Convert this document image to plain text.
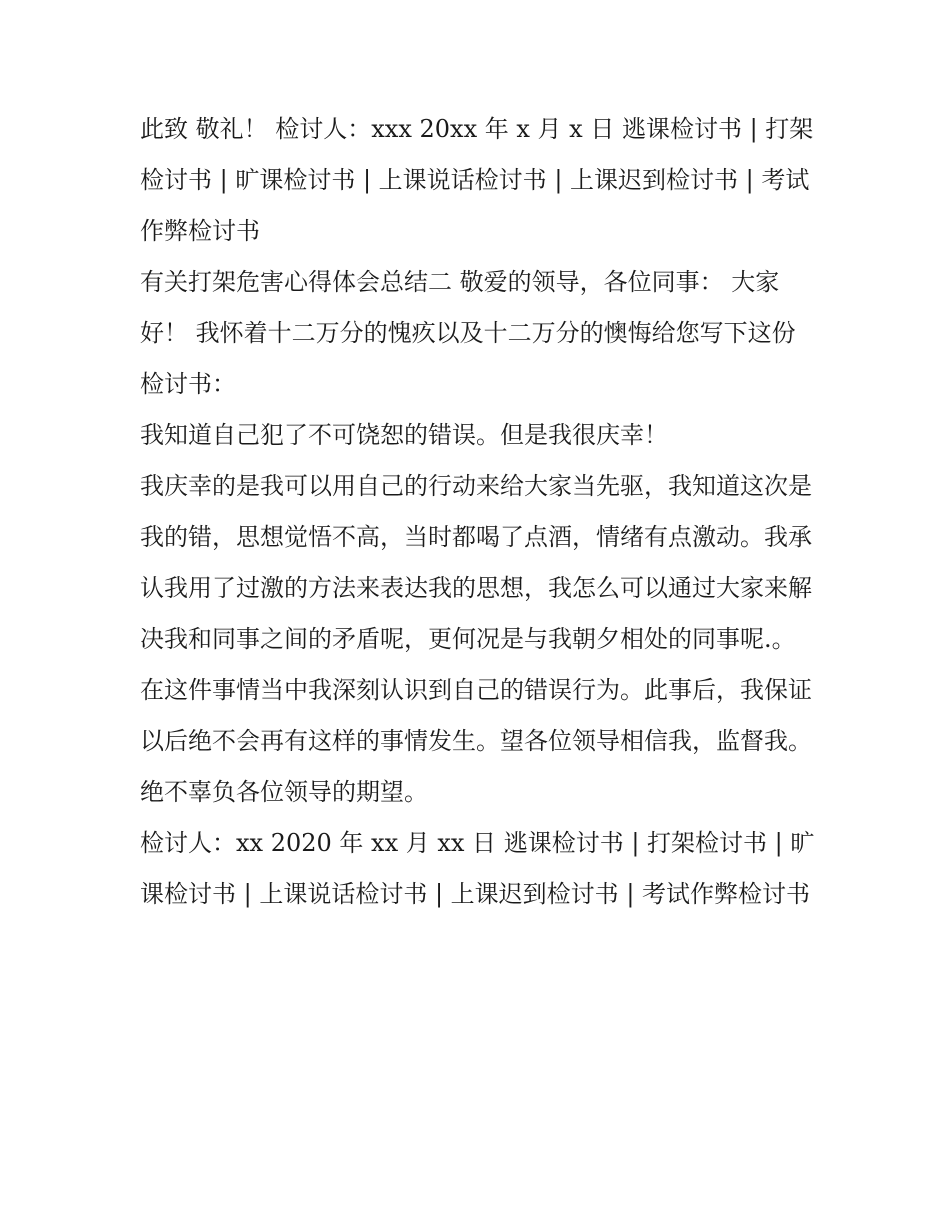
此致 敬礼！ 检讨人：xxx 20xx 年 x 月 x 日 逃课检讨书 | 打架检讨书 | 旷课检讨书 | 上课说话检讨书 | 上课迟到检讨书 | 考试作弊检讨书

有关打架危害心得体会总结二 敬爱的领导，各位同事： 大家好！ 我怀着十二万分的愧疚以及十二万分的懊悔给您写下这份检讨书：

我知道自己犯了不可饶恕的错误。但是我很庆幸！

我庆幸的是我可以用自己的行动来给大家当先驱，我知道这次是我的错，思想觉悟不高，当时都喝了点酒，情绪有点激动。我承认我用了过激的方法来表达我的思想，我怎么可以通过大家来解决我和同事之间的矛盾呢，更何况是与我朝夕相处的同事呢.。在这件事情当中我深刻认识到自己的错误行为。此事后，我保证以后绝不会再有这样的事情发生。望各位领导相信我，监督我。绝不辜负各位领导的期望。

检讨人：xx 2020 年 xx 月 xx 日 逃课检讨书 | 打架检讨书 | 旷课检讨书 | 上课说话检讨书 | 上课迟到检讨书 | 考试作弊检讨书
